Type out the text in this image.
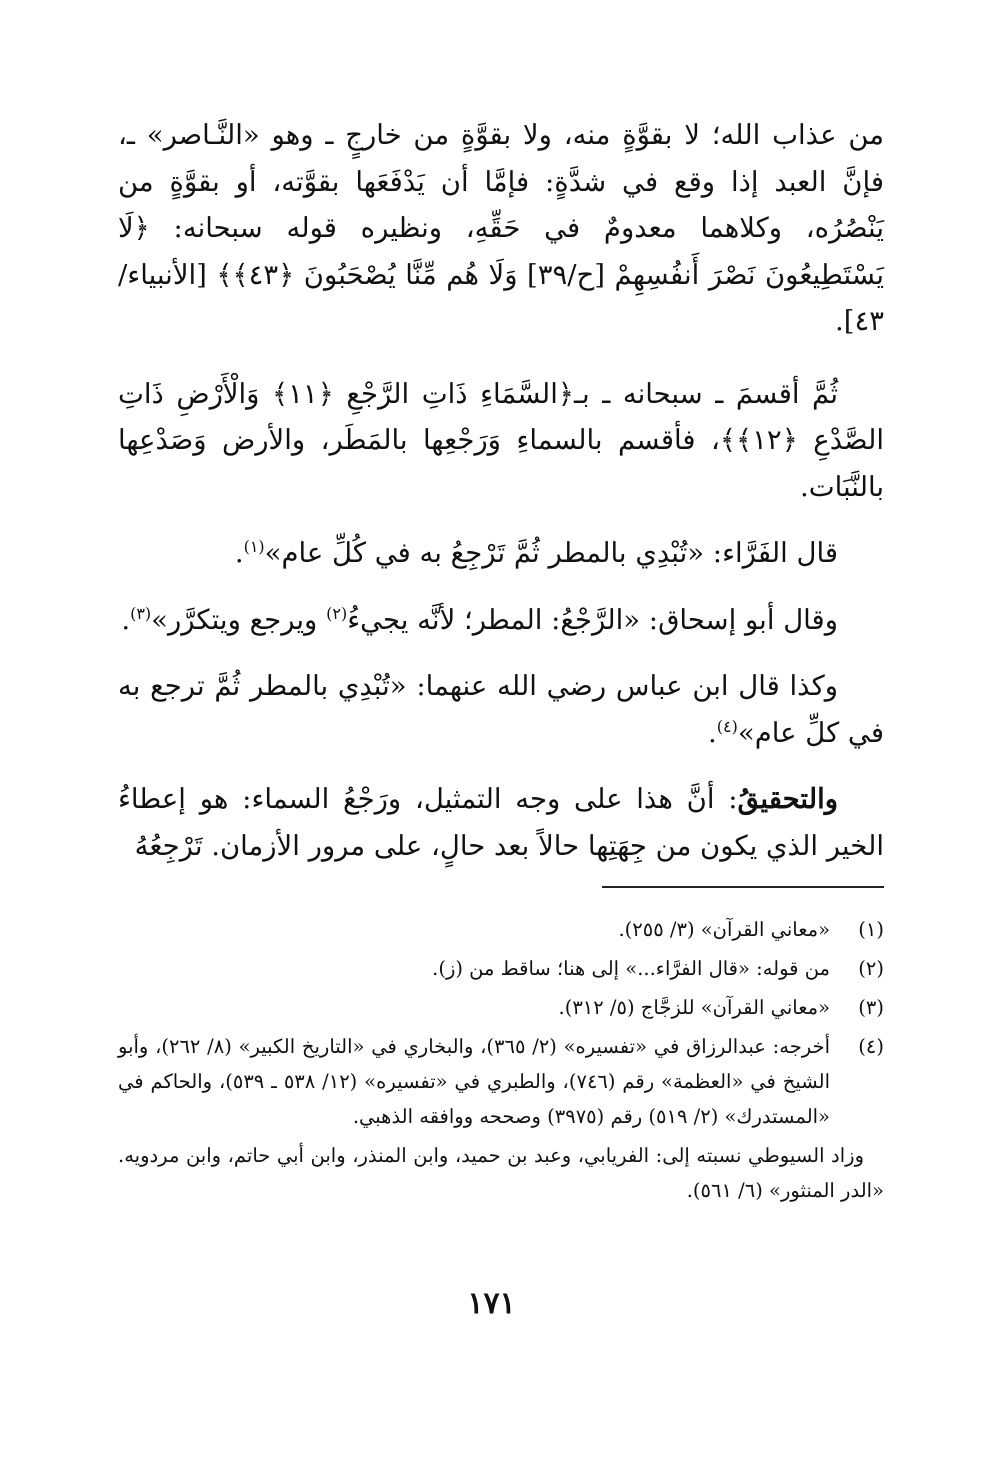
من عذاب الله؛ لا بقوَّةٍ منه، ولا بقوَّةٍ من خارجٍ ـ وهو «النَّـاصر» ـ، فإنَّ العبد إذا وقع في شدَّةٍ: فإمَّا أن يَدْفَعَها بقوَّته، أو بقوَّةٍ من يَنْصُرُه، وكلاهما معدومٌ في حَقِّهِ، ونظيره قوله سبحانه: ﴿لَا يَسْتَطِيعُونَ نَصْرَ أَنفُسِهِمْ [ح/٣٩] وَلَا هُم مِّنَّا يُصْحَبُونَ ﴿٤٣﴾﴾ [الأنبياء/ ٤٣].

ثُمَّ أقسمَ ـ سبحانه ـ بـ﴿السَّمَاءِ ذَاتِ الرَّجْعِ ﴿١١﴾ وَالْأَرْضِ ذَاتِ الصَّدْعِ ﴿١٢﴾﴾، فأقسم بالسماءِ وَرَجْعِها بالمَطَر، والأرض وَصَدْعِها بالنَّبَات.

قال الفَرَّاء: «تُبْدِي بالمطر ثُمَّ تَرْجِعُ به في كُلِّ عام»$^{(١)}$.

وقال أبو إسحاق: «الرَّجْعُ: المطر؛ لأنَّه يجيءُ$^{(٢)}$ ويرجع ويتكرَّر»$^{(٣)}$.

وكذا قال ابن عباس رضي الله عنهما: «تُبْدِي بالمطر ثُمَّ ترجع به في كلِّ عام»$^{(٤)}$.

والتحقيقُ: أنَّ هذا على وجه التمثيل، ورَجْعُ السماء: هو إعطاءُ الخير الذي يكون من جِهَتِها حالاً بعد حالٍ، على مرور الأزمان. تَرْجِعُهُ

(١)
«معاني القرآن» (٣/ ٢٥٥).
(٢)
من قوله: «قال الفرَّاء...» إلى هنا؛ ساقط من (ز).
(٣)
«معاني القرآن» للزجَّاج (٥/ ٣١٢).
(٤)
أخرجه: عبدالرزاق في «تفسيره» (٢/ ٣٦٥)، والبخاري في «التاريخ الكبير» (٨/ ٢٦٢)، وأبو الشيخ في «العظمة» رقم (٧٤٦)، والطبري في «تفسيره» (١٢/ ٥٣٨ ـ ٥٣٩)، والحاكم في «المستدرك» (٢/ ٥١٩) رقم (٣٩٧٥) وصححه ووافقه الذهبي.

وزاد السيوطي نسبته إلى: الفريابي، وعبد بن حميد، وابن المنذر، وابن أبي حاتم، وابن مردويه. «الدر المنثور» (٦/ ٥٦١).

١٧١
